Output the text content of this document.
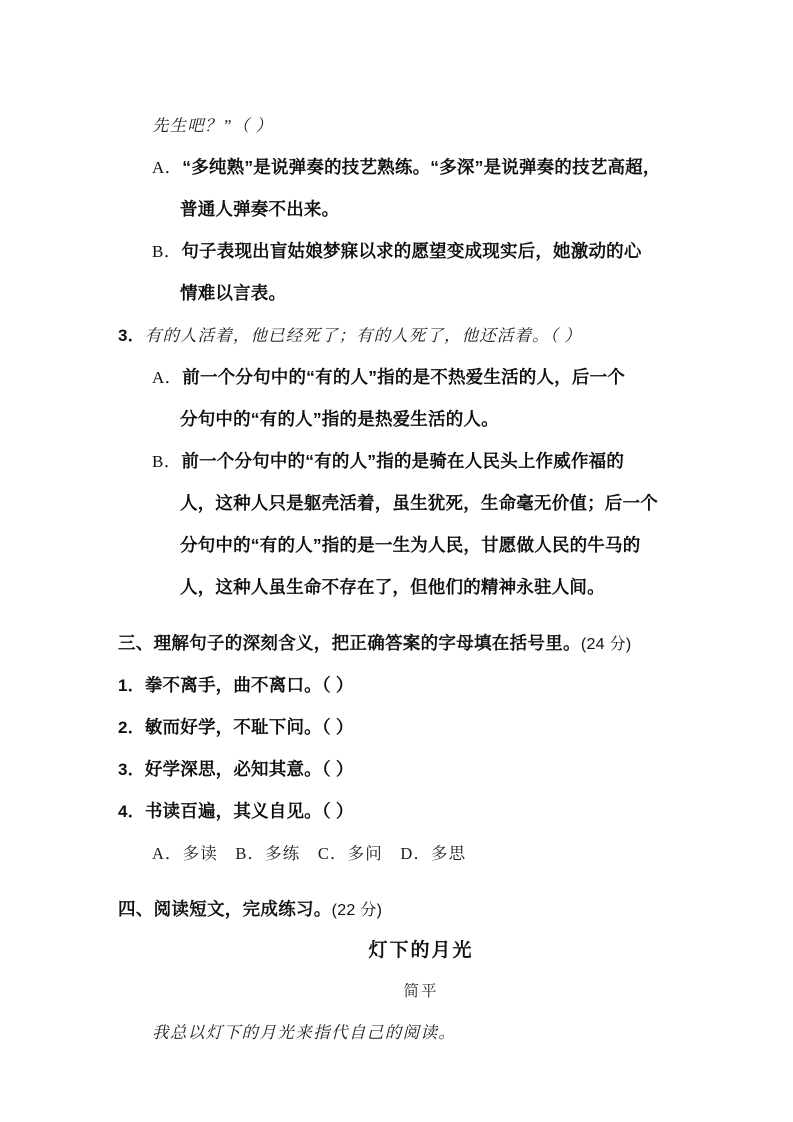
先生吧？”（ ）
A．“多纯熟”是说弹奏的技艺熟练。“多深”是说弹奏的技艺高超，
普通人弹奏不出来。
B．句子表现出盲姑娘梦寐以求的愿望变成现实后，她激动的心
情难以言表。
3．有的人活着，他已经死了；有的人死了，他还活着。（ ）
A．前一个分句中的“有的人”指的是不热爱生活的人，后一个
分句中的“有的人”指的是热爱生活的人。
B．前一个分句中的“有的人”指的是骑在人民头上作威作福的
人，这种人只是躯壳活着，虽生犹死，生命毫无价值；后一个
分句中的“有的人”指的是一生为人民，甘愿做人民的牛马的
人，这种人虽生命不存在了，但他们的精神永驻人间。
三、理解句子的深刻含义，把正确答案的字母填在括号里。(24 分)
1．拳不离手，曲不离口。（ ）
2．敏而好学，不耻下问。（ ）
3．好学深思，必知其意。（ ）
4．书读百遍，其义自见。（ ）
A．多读　B．多练　C．多问　D．多思
四、阅读短文，完成练习。(22 分)
灯下的月光
简平
我总以灯下的月光来指代自己的阅读。
